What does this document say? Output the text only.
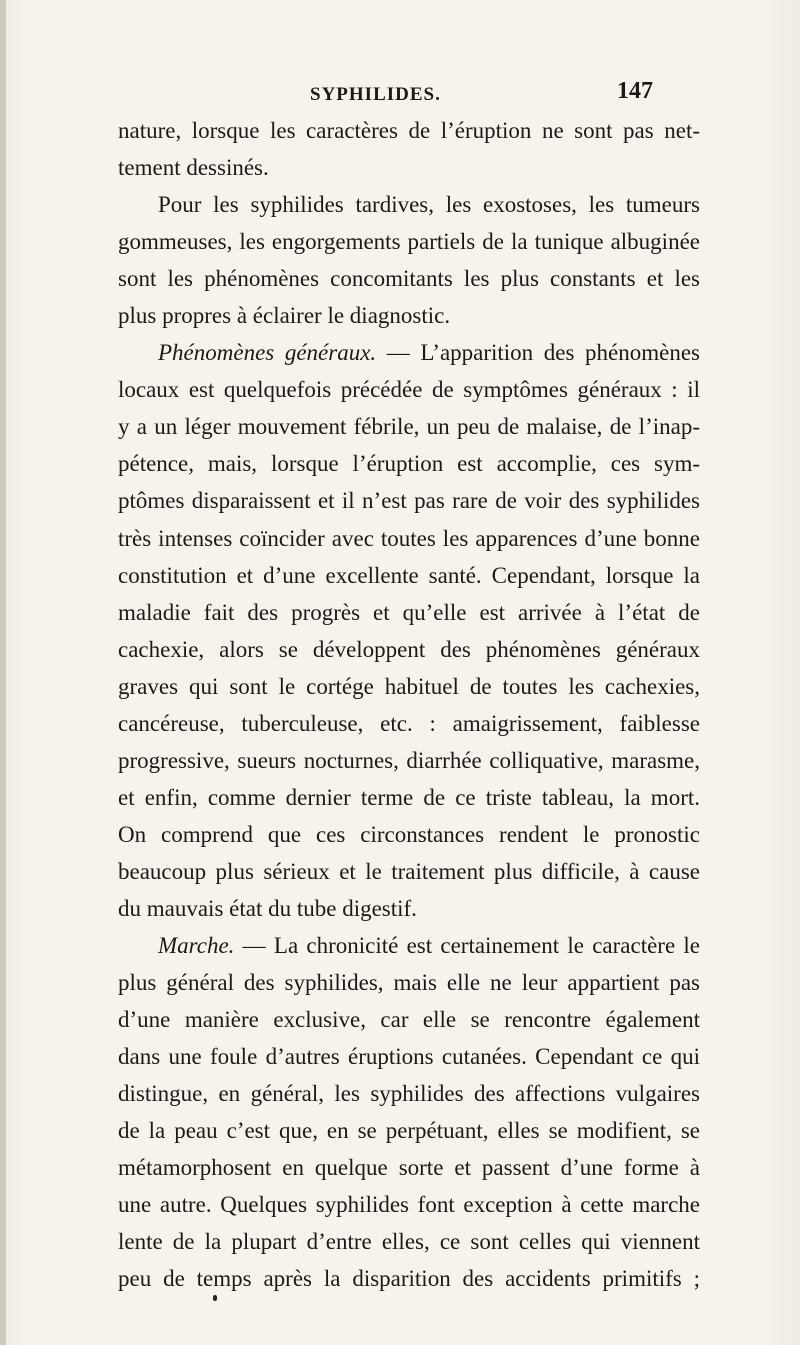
SYPHILIDES.	147
nature, lorsque les caractères de l’éruption ne sont pas net-
tement dessinés.
Pour les syphilides tardives, les exostoses, les tumeurs
gommeuses, les engorgements partiels de la tunique albuginée
sont les phénomènes concomitants les plus constants et les
plus propres à éclairer le diagnostic.
Phénomènes généraux. — L’apparition des phénomènes
locaux est quelquefois précédée de symptômes généraux : il
y a un léger mouvement fébrile, un peu de malaise, de l’inap-
pétence, mais, lorsque l’éruption est accomplie, ces sym-
ptômes disparaissent et il n’est pas rare de voir des syphilides
très intenses coïncider avec toutes les apparences d’une bonne
constitution et d’une excellente santé. Cependant, lorsque la
maladie fait des progrès et qu’elle est arrivée à l’état de
cachexie, alors se développent des phénomènes généraux
graves qui sont le cortége habituel de toutes les cachexies,
cancéreuse, tuberculeuse, etc. : amaigrissement, faiblesse
progressive, sueurs nocturnes, diarrhée colliquative, marasme,
et enfin, comme dernier terme de ce triste tableau, la mort.
On comprend que ces circonstances rendent le pronostic
beaucoup plus sérieux et le traitement plus difficile, à cause
du mauvais état du tube digestif.
Marche. — La chronicité est certainement le caractère le
plus général des syphilides, mais elle ne leur appartient pas
d’une manière exclusive, car elle se rencontre également
dans une foule d’autres éruptions cutanées. Cependant ce qui
distingue, en général, les syphilides des affections vulgaires
de la peau c’est que, en se perpétuant, elles se modifient, se
métamorphosent en quelque sorte et passent d’une forme à
une autre. Quelques syphilides font exception à cette marche
lente de la plupart d’entre elles, ce sont celles qui viennent
peu de temps après la disparition des accidents primitifs ;
